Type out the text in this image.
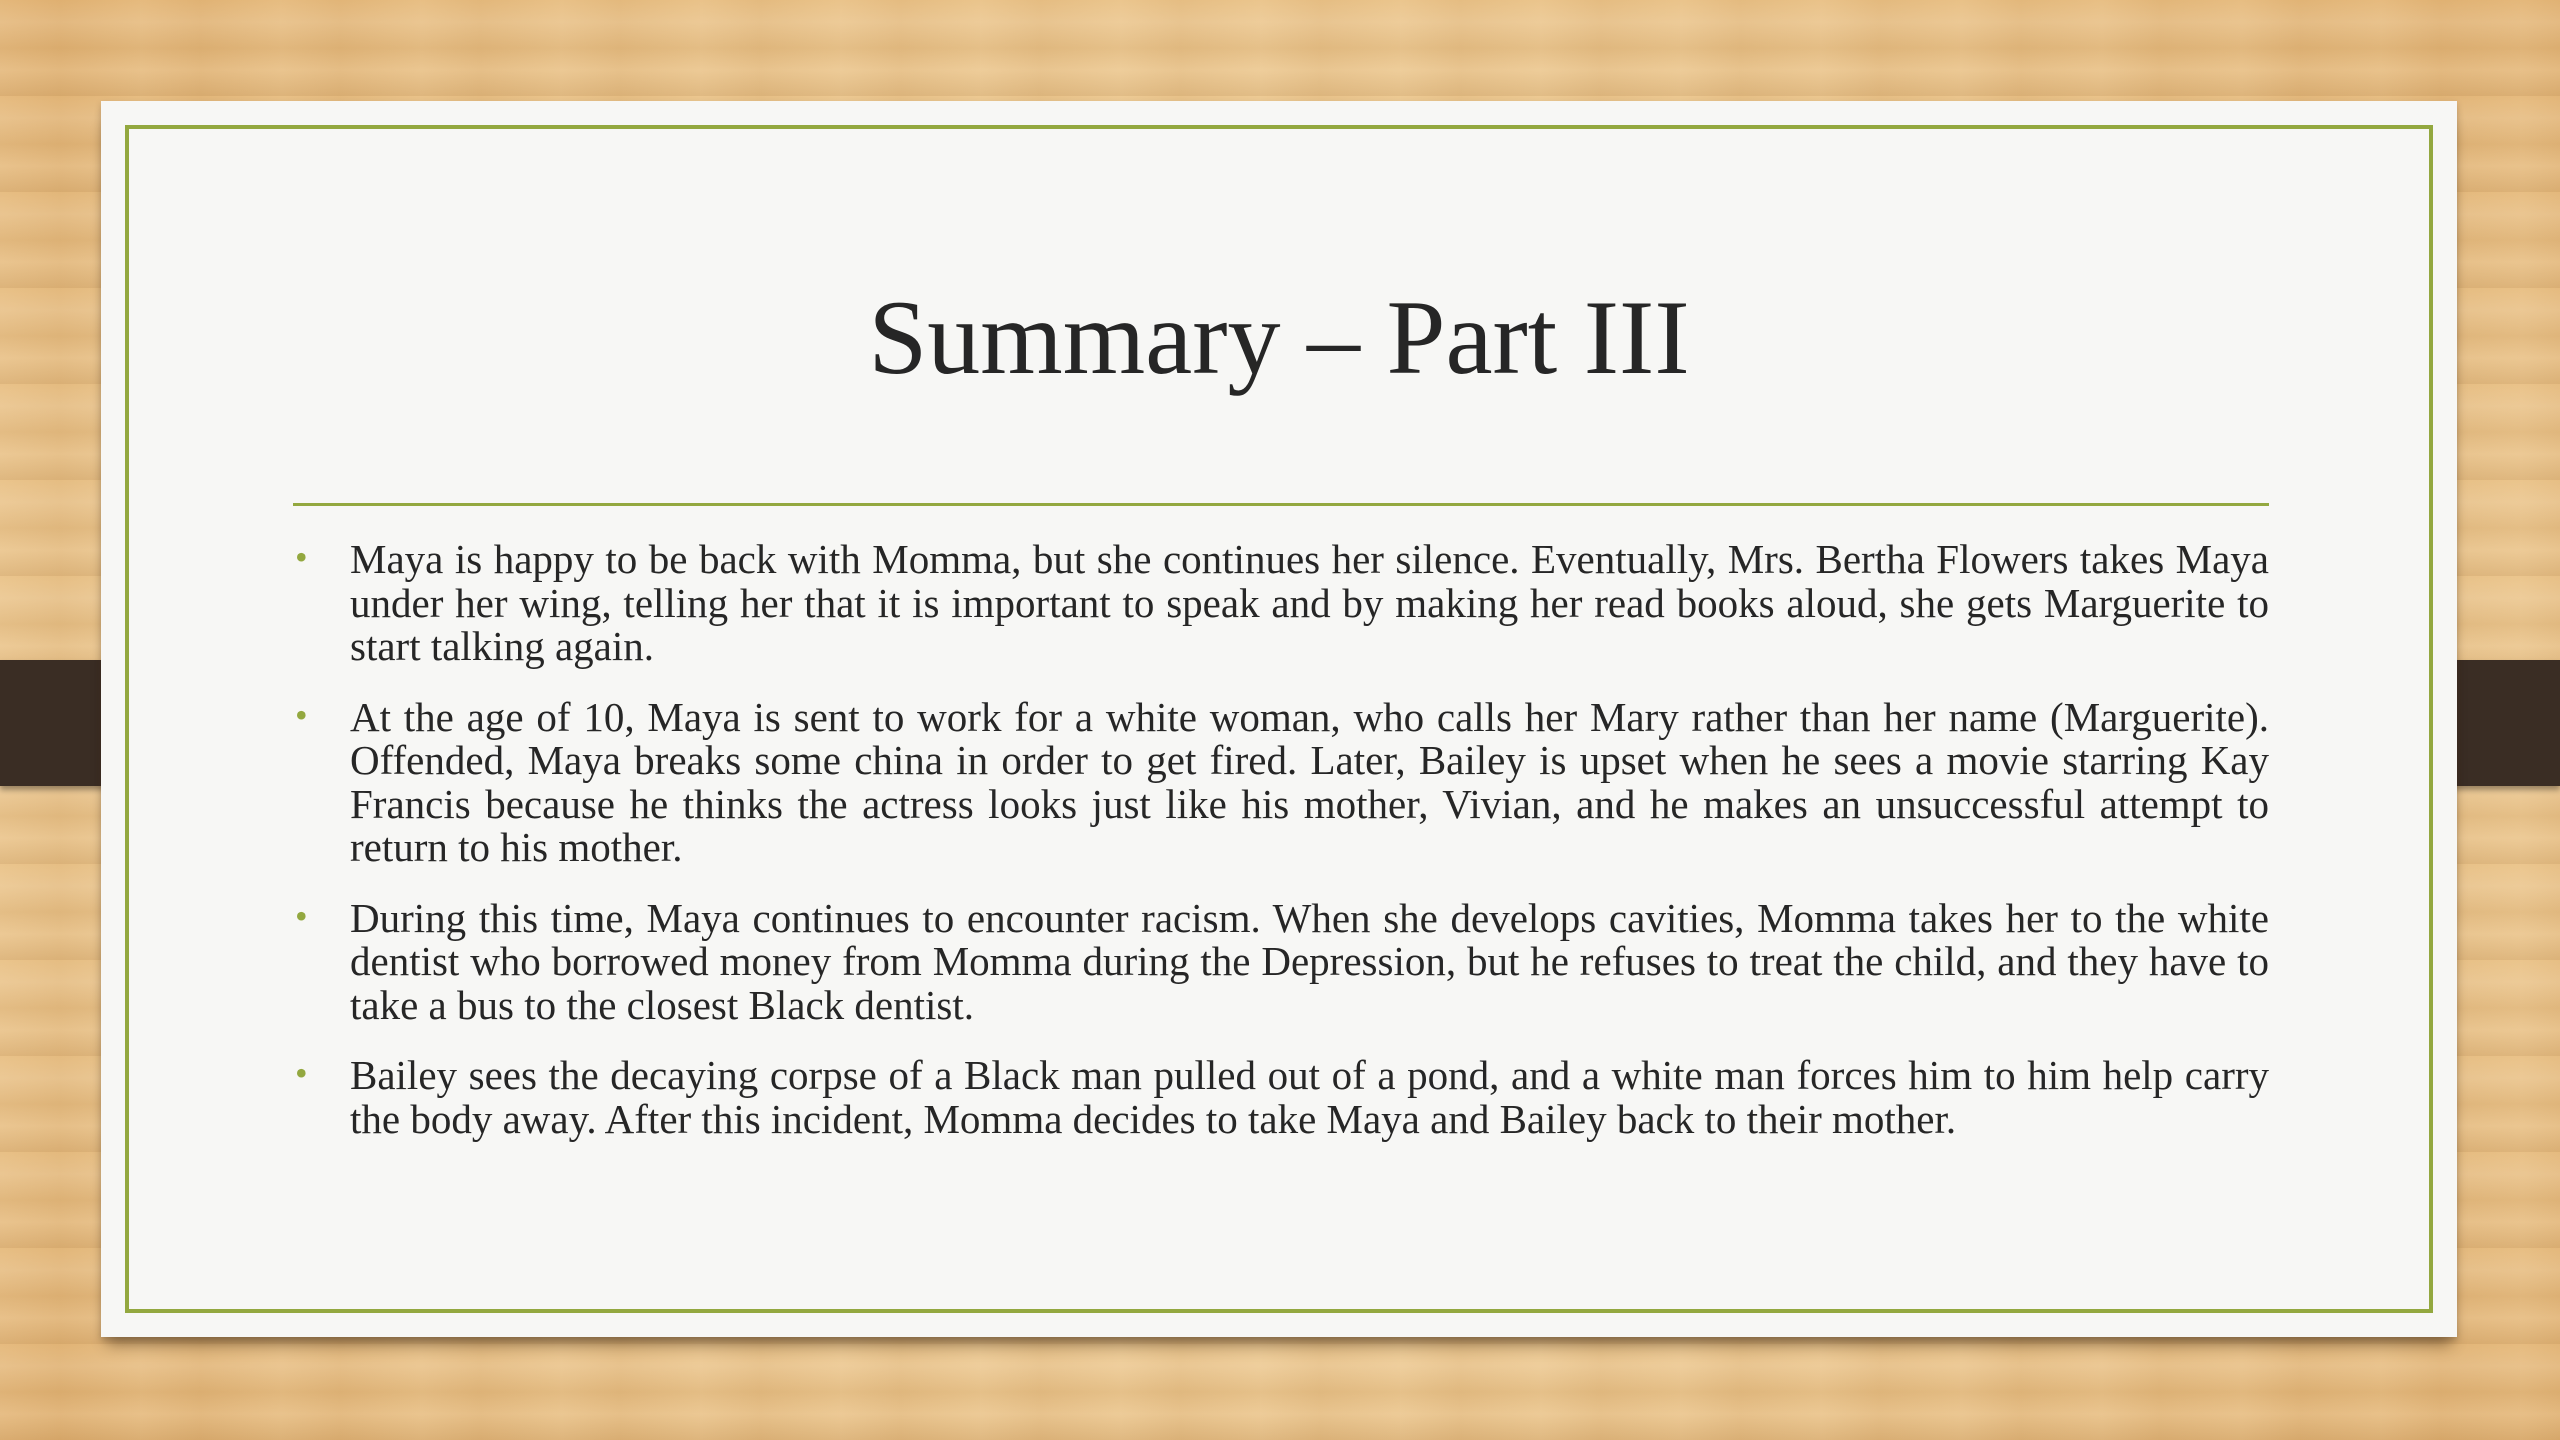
Summary – Part III
• Maya is happy to be back with Momma, but she continues her silence. Eventually, Mrs. Bertha Flowers takes Maya under her wing, telling her that it is important to speak and by making her read books aloud, she gets Marguerite to start talking again.
• At the age of 10, Maya is sent to work for a white woman, who calls her Mary rather than her name (Marguerite). Offended, Maya breaks some china in order to get fired. Later, Bailey is upset when he sees a movie starring Kay Francis because he thinks the actress looks just like his mother, Vivian, and he makes an unsuccessful attempt to return to his mother.
• During this time, Maya continues to encounter racism. When she develops cavities, Momma takes her to the white dentist who borrowed money from Momma during the Depression, but he refuses to treat the child, and they have to take a bus to the closest Black dentist.
• Bailey sees the decaying corpse of a Black man pulled out of a pond, and a white man forces him to him help carry the body away. After this incident, Momma decides to take Maya and Bailey back to their mother.
